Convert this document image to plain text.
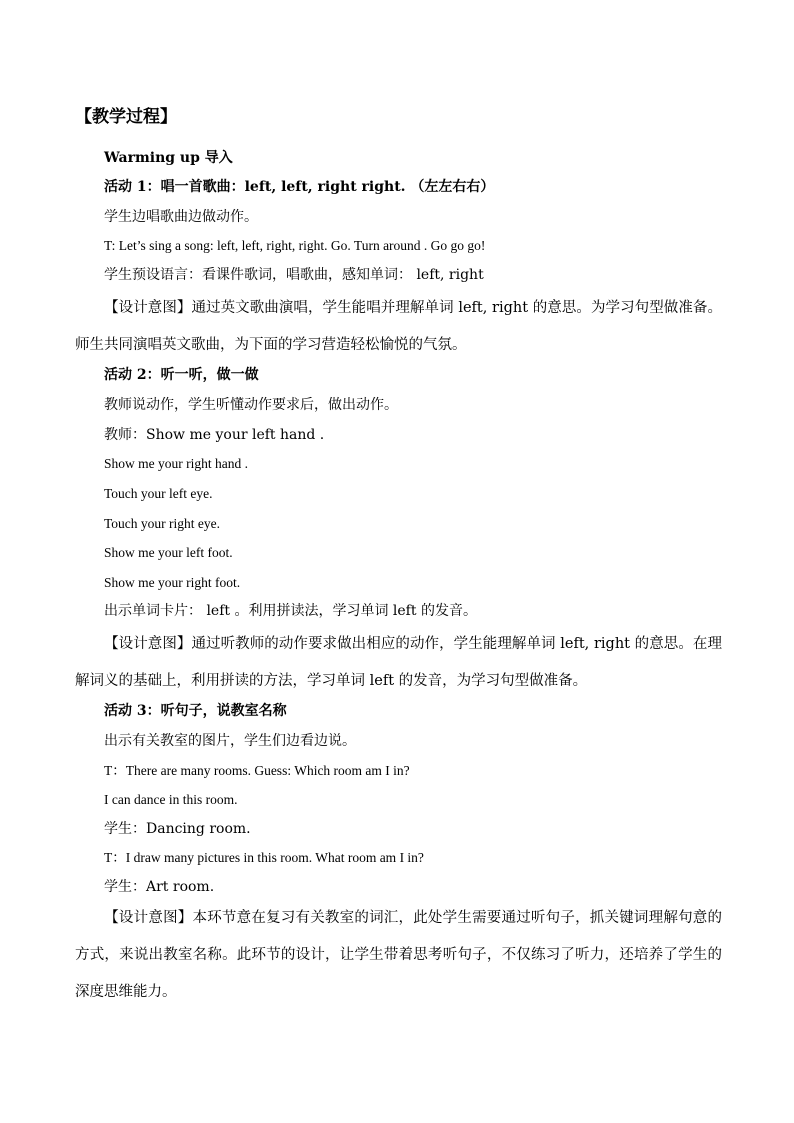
【教学过程】
Warming up 导入
活动 1：唱一首歌曲：left, left, right right. （左左右右）
学生边唱歌曲边做动作。
T: Let’s sing a song: left, left, right, right. Go. Turn around . Go go go!
学生预设语言：看课件歌词，唱歌曲，感知单词： left, right
【设计意图】通过英文歌曲演唱，学生能唱并理解单词 left, right 的意思。为学习句型做准备。师生共同演唱英文歌曲，为下面的学习营造轻松愉悦的气氛。
活动 2：听一听，做一做
教师说动作，学生听懂动作要求后，做出动作。
教师：Show me your left hand .
Show me your right hand .
Touch your left eye.
Touch your right eye.
Show me your left foot.
Show me your right foot.
出示单词卡片： left 。利用拼读法，学习单词 left 的发音。
【设计意图】通过听教师的动作要求做出相应的动作，学生能理解单词 left, right 的意思。在理解词义的基础上，利用拼读的方法，学习单词 left 的发音，为学习句型做准备。
活动 3：听句子，说教室名称
出示有关教室的图片，学生们边看边说。
T：There are many rooms. Guess: Which room am I in?
I can dance in this room.
学生：Dancing room.
T：I draw many pictures in this room. What room am I in?
学生：Art room.
【设计意图】本环节意在复习有关教室的词汇，此处学生需要通过听句子，抓关键词理解句意的方式，来说出教室名称。此环节的设计，让学生带着思考听句子，不仅练习了听力，还培养了学生的深度思维能力。
